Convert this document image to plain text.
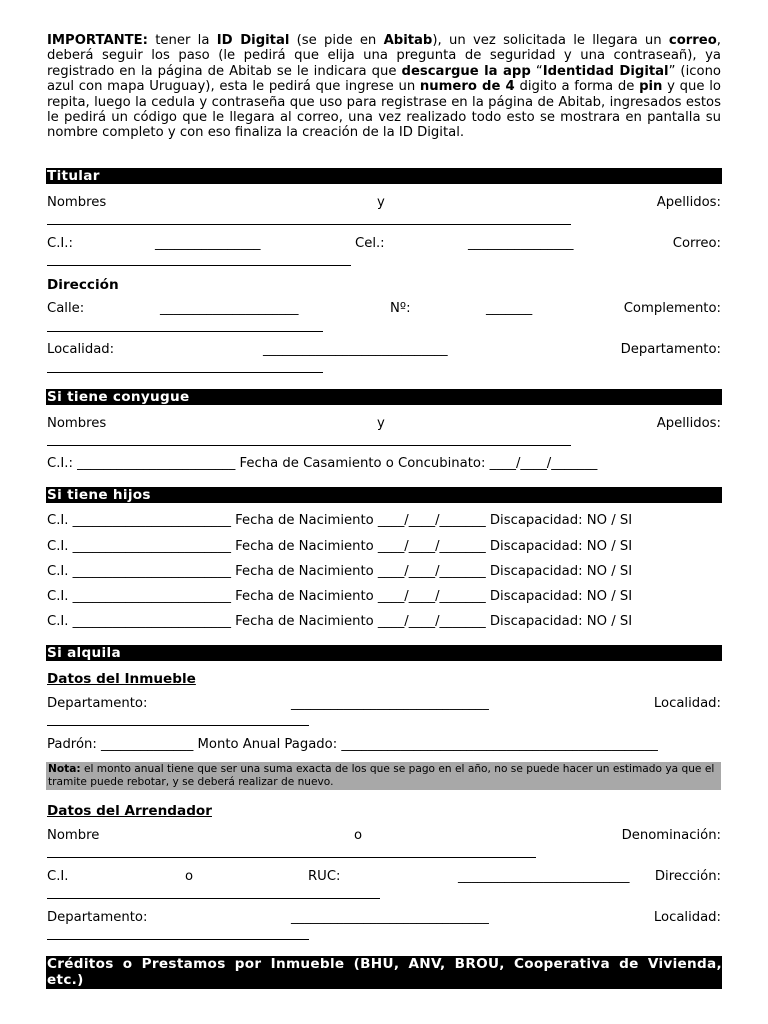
IMPORTANTE: tener la ID Digital (se pide en Abitab), un vez solicitada le llegara un correo, deberá seguir los paso (le pedirá que elija una pregunta de seguridad y una contraseañ), ya registrado en la página de Abitab se le indicara que descargue la app “Identidad Digital” (icono azul con mapa Uruguay), esta le pedirá que ingrese un numero de 4 digito a forma de pin y que lo repita, luego la cedula y contraseña que uso para registrase en la página de Abitab, ingresados estos le pedirá un código que le llegara al correo, una vez realizado todo esto se mostrara en pantalla su nombre completo y con eso finaliza la creación de la ID Digital.
Titular
Nombres	y	Apellidos:
C.I.:	________________	Cel.:	________________	Correo:
Dirección
Calle:	_____________________	Nº:	_______	Complemento:
Localidad:	____________________________	Departamento:
Si tiene conyugue
Nombres	y	Apellidos:
C.I.: ________________________ Fecha de Casamiento o Concubinato: ____/____/_______
Si tiene hijos
C.I. ________________________ Fecha de Nacimiento ____/____/_______ Discapacidad: NO / SI
C.I. ________________________ Fecha de Nacimiento ____/____/_______ Discapacidad: NO / SI
C.I. ________________________ Fecha de Nacimiento ____/____/_______ Discapacidad: NO / SI
C.I. ________________________ Fecha de Nacimiento ____/____/_______ Discapacidad: NO / SI
C.I. ________________________ Fecha de Nacimiento ____/____/_______ Discapacidad: NO / SI
Si alquila
Datos del Inmueble
Departamento:	______________________________	Localidad:
Padrón: ______________ Monto Anual Pagado: ________________________________________________
Nota: el monto anual tiene que ser una suma exacta de los que se pago en el año, no se puede hacer un estimado ya que el tramite puede rebotar, y se deberá realizar de nuevo.
Datos del Arrendador
Nombre	o	Denominación:
C.I.	o	RUC:	__________________________ Dirección:
Departamento:	______________________________	Localidad:
Créditos o Prestamos por Inmueble (BHU, ANV, BROU, Cooperativa de Vivienda, etc.)
